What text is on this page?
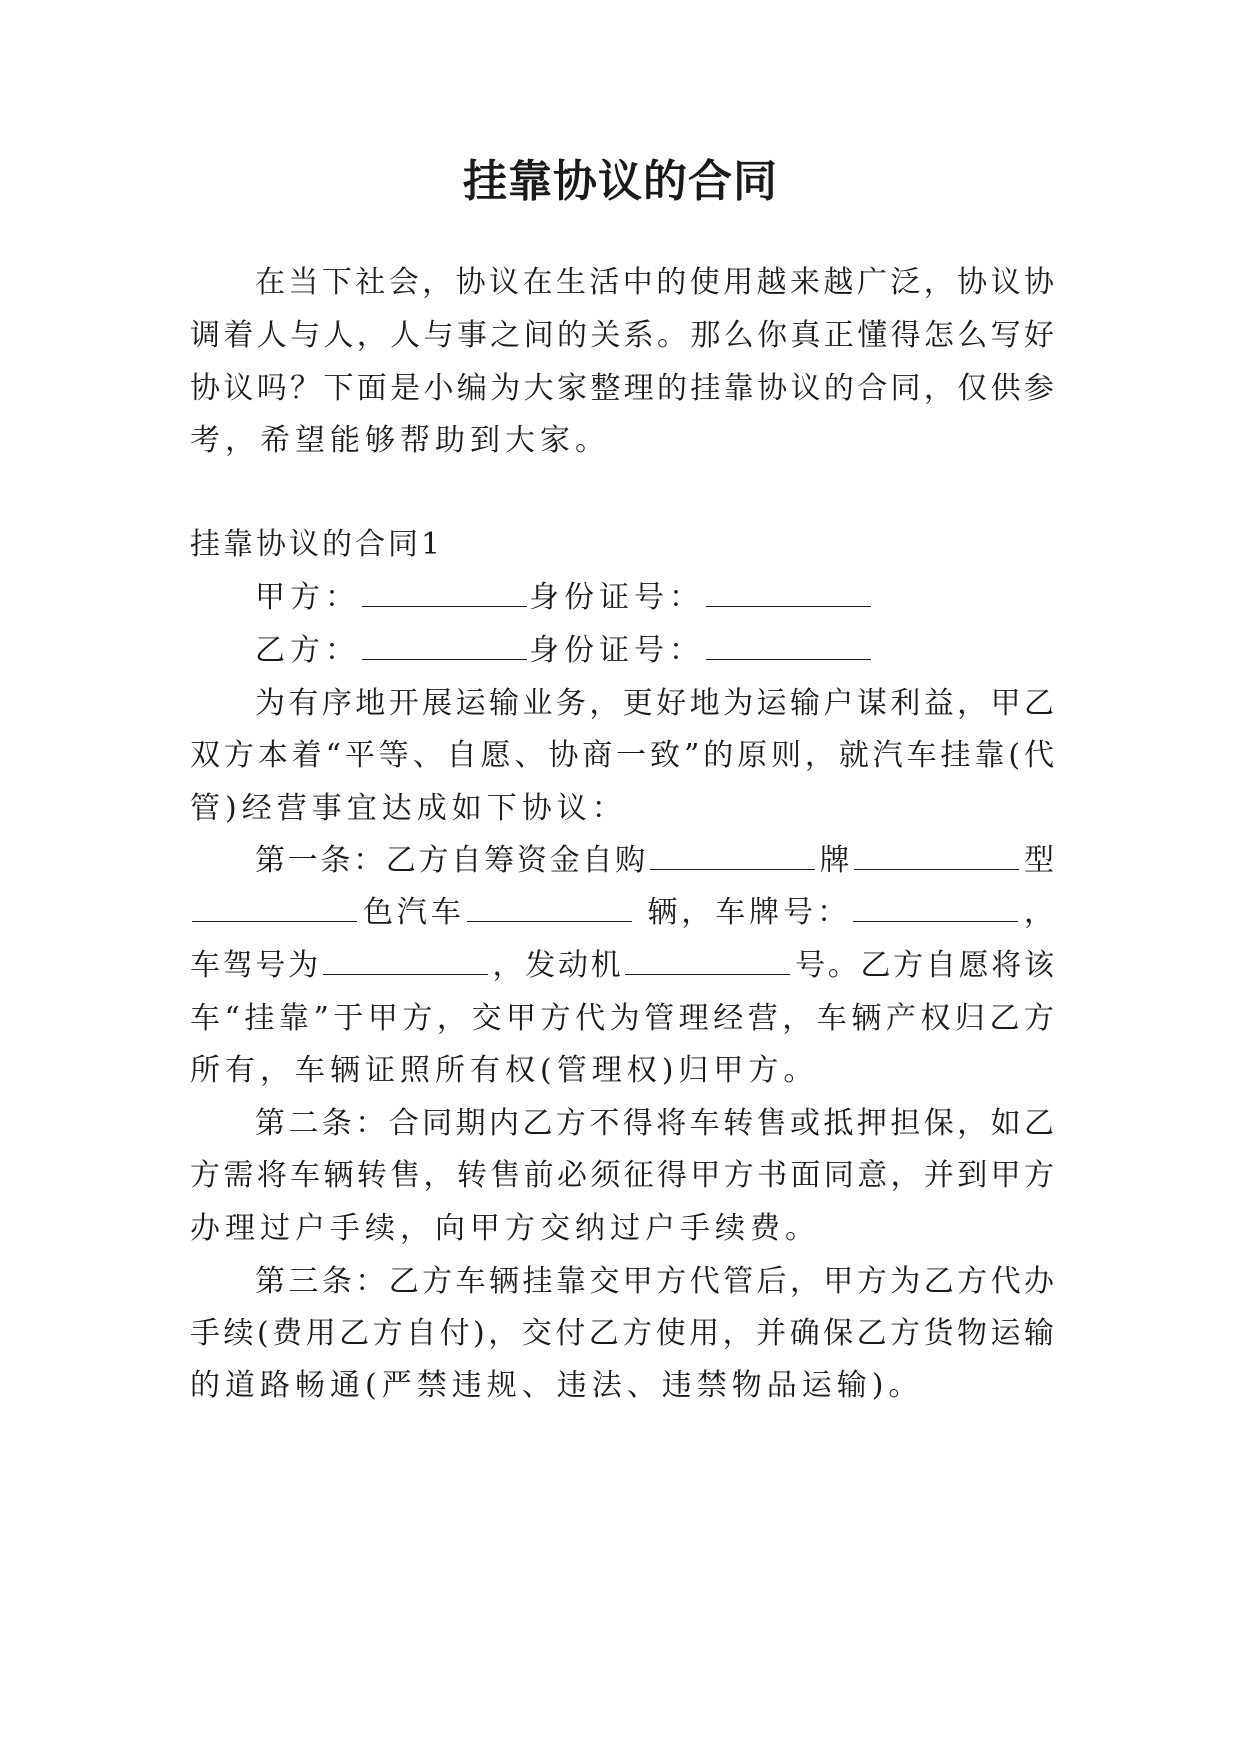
挂靠协议的合同
在当下社会，协议在生活中的使用越来越广泛，协议协
调着人与人，人与事之间的关系。那么你真正懂得怎么写好
协议吗？下面是小编为大家整理的挂靠协议的合同，仅供参
考，希望能够帮助到大家。
挂靠协议的合同1
甲方：	身份证号：
乙方：	身份证号：
为有序地开展运输业务，更好地为运输户谋利益，甲乙
双方本着“平等、自愿、协商一致”的原则，就汽车挂靠(代
管)经营事宜达成如下协议：
第一条：乙方自筹资金自购	牌	型
色汽车	辆，车牌号：	，
车驾号为	，发动机	号。乙方自愿将该
车“挂靠”于甲方，交甲方代为管理经营，车辆产权归乙方
所有，车辆证照所有权(管理权)归甲方。
第二条：合同期内乙方不得将车转售或抵押担保，如乙
方需将车辆转售，转售前必须征得甲方书面同意，并到甲方
办理过户手续，向甲方交纳过户手续费。
第三条：乙方车辆挂靠交甲方代管后，甲方为乙方代办
手续(费用乙方自付)，交付乙方使用，并确保乙方货物运输
的道路畅通(严禁违规、违法、违禁物品运输)。
